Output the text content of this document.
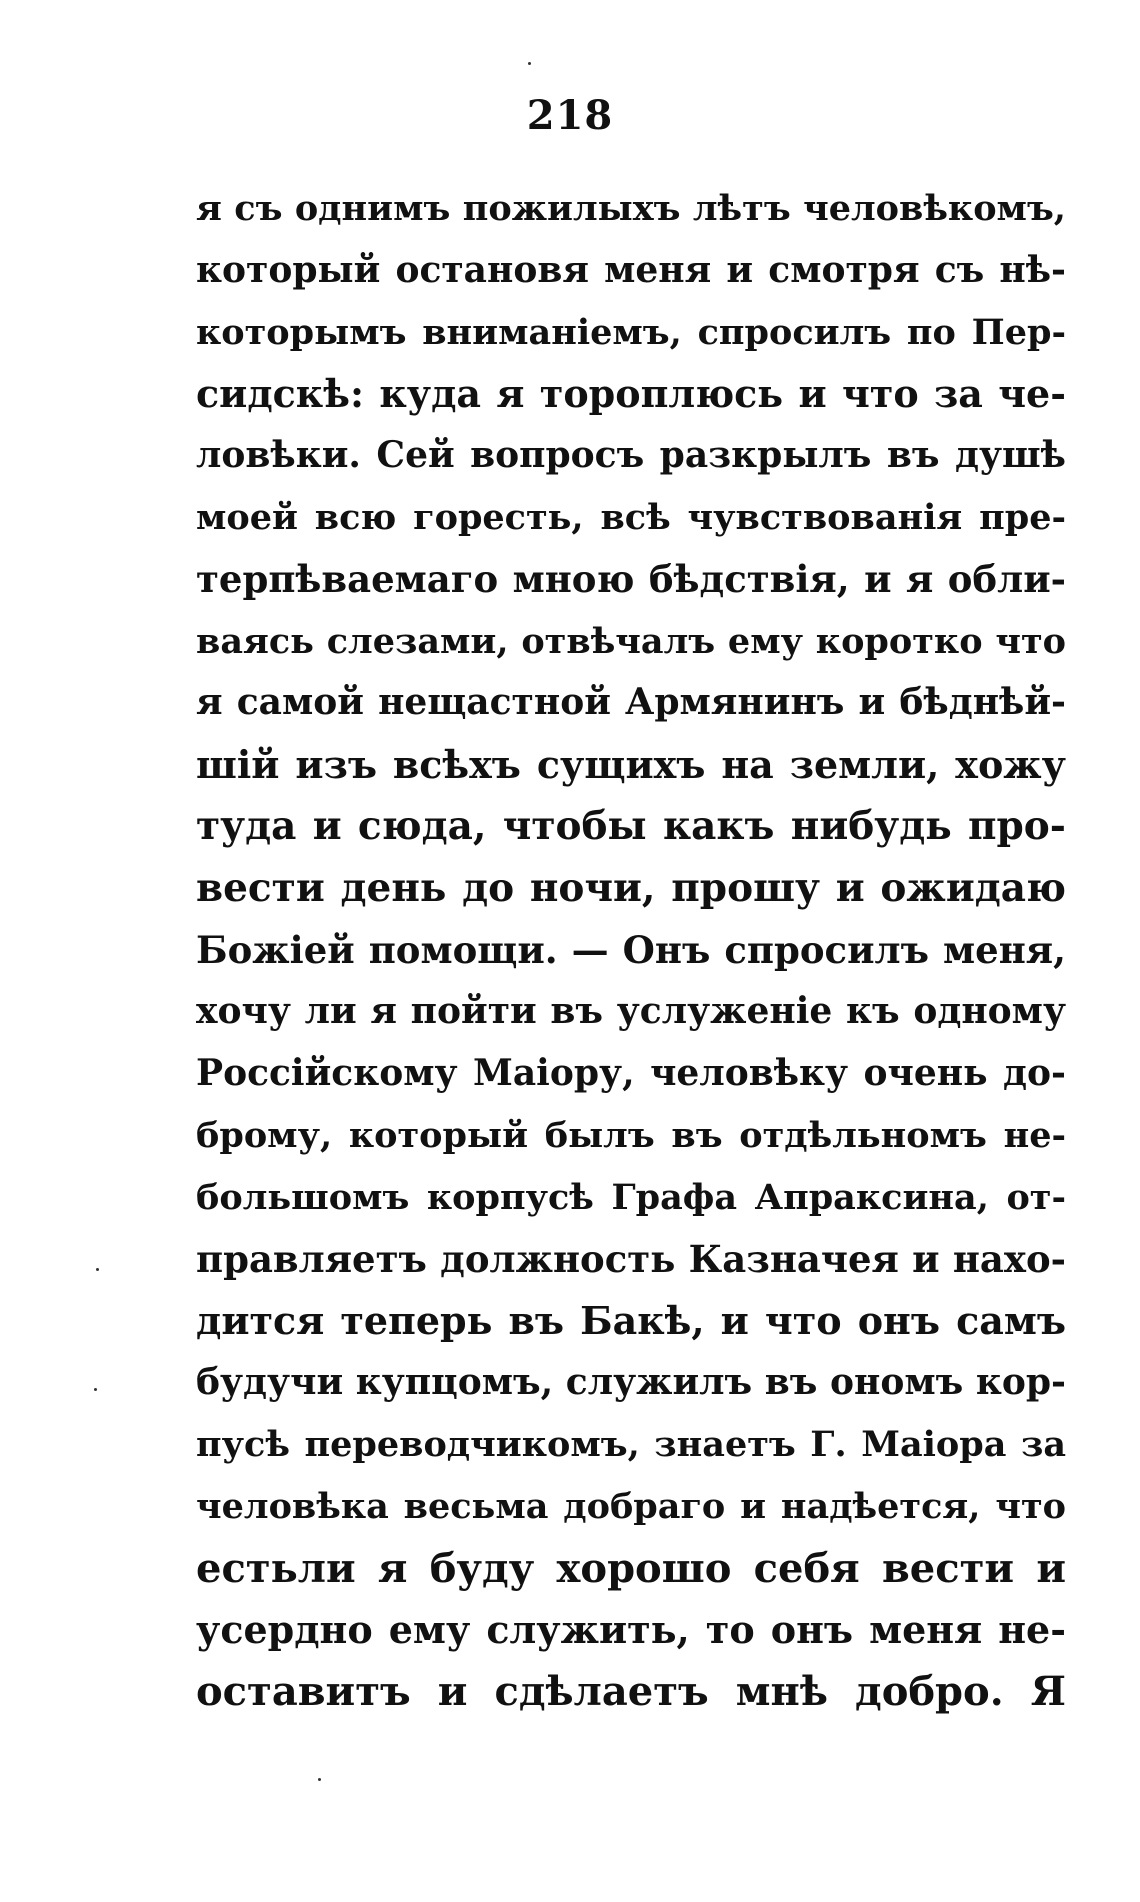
218
я съ однимъ пожилыхъ лѣтъ человѣкомъ,
который остановя меня и смотря съ нѣ-
которымъ вниманіемъ, спросилъ по Пер-
сидскѣ: куда я тороплюсь и что за че-
ловѣки. Сей вопросъ разкрылъ въ душѣ
моей всю горесть, всѣ чувствованія пре-
терпѣваемаго мною бѣдствія, и я обли-
ваясь слезами, отвѣчалъ ему коротко что
я самой нещастной Армянинъ и бѣднѣй-
шій изъ всѣхъ сущихъ на земли, хожу
туда и сюда, чтобы какъ нибудь про-
вести день до ночи, прошу и ожидаю
Божіей помощи. — Онъ спросилъ меня,
хочу ли я пойти въ услуженіе къ одному
Россійскому Маіору, человѣку очень до-
брому, который былъ въ отдѣльномъ не-
большомъ корпусѣ Графа Апраксина, от-
правляетъ должность Казначея и нахо-
дится теперь въ Бакѣ, и что онъ самъ
будучи купцомъ, служилъ въ ономъ кор-
пусѣ переводчикомъ, знаетъ Г. Маіора за
человѣка весьма добраго и надѣется, что
естьли я буду хорошо себя вести и
усердно ему служить, то онъ меня не-
оставитъ и сдѣлаетъ мнѣ добро. Я
